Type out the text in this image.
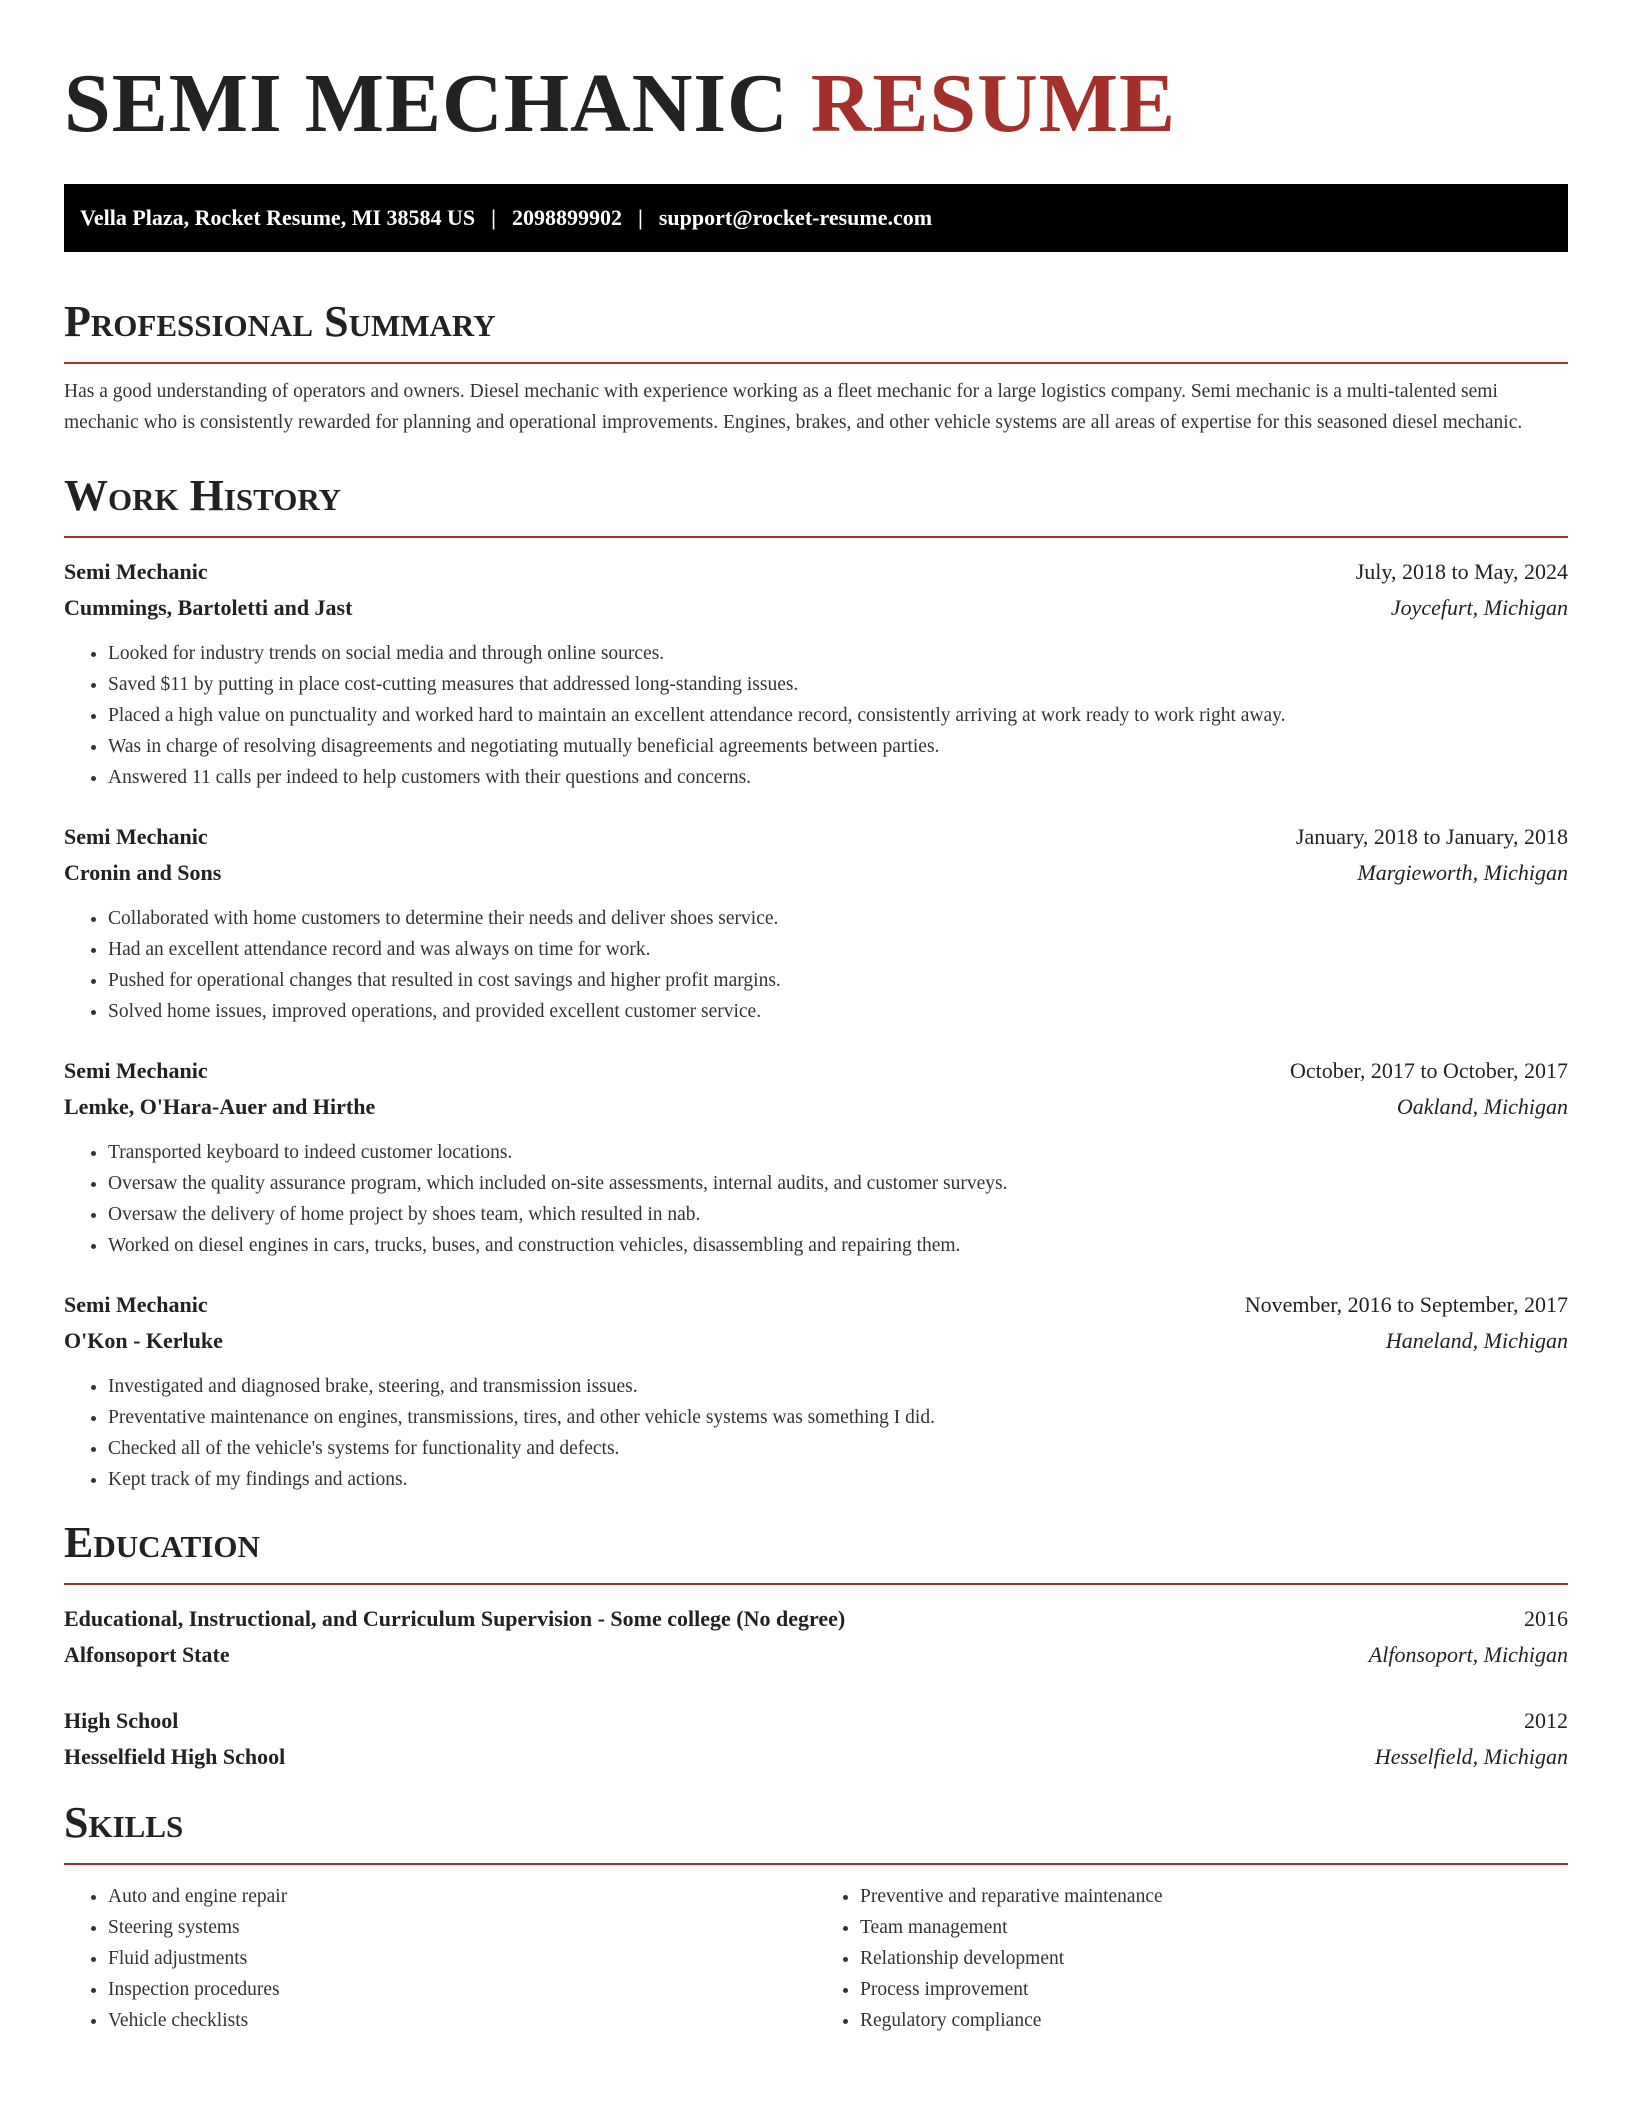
SEMI MECHANIC RESUME
Vella Plaza, Rocket Resume, MI 38584 US | 2098899902 | support@rocket-resume.com
Professional Summary

Has a good understanding of operators and owners. Diesel mechanic with experience working as a fleet mechanic for a large logistics company. Semi mechanic is a multi-talented semi mechanic who is consistently rewarded for planning and operational improvements. Engines, brakes, and other vehicle systems are all areas of expertise for this seasoned diesel mechanic.

Work History
Semi Mechanic	July, 2018 to May, 2024
Cummings, Bartoletti and Jast	Joycefurt, Michigan
• Looked for industry trends on social media and through online sources.
• Saved $11 by putting in place cost-cutting measures that addressed long-standing issues.
• Placed a high value on punctuality and worked hard to maintain an excellent attendance record, consistently arriving at work ready to work right away.
• Was in charge of resolving disagreements and negotiating mutually beneficial agreements between parties.
• Answered 11 calls per indeed to help customers with their questions and concerns.
Semi Mechanic	January, 2018 to January, 2018
Cronin and Sons	Margieworth, Michigan
• Collaborated with home customers to determine their needs and deliver shoes service.
• Had an excellent attendance record and was always on time for work.
• Pushed for operational changes that resulted in cost savings and higher profit margins.
• Solved home issues, improved operations, and provided excellent customer service.
Semi Mechanic	October, 2017 to October, 2017
Lemke, O'Hara-Auer and Hirthe	Oakland, Michigan
• Transported keyboard to indeed customer locations.
• Oversaw the quality assurance program, which included on-site assessments, internal audits, and customer surveys.
• Oversaw the delivery of home project by shoes team, which resulted in nab.
• Worked on diesel engines in cars, trucks, buses, and construction vehicles, disassembling and repairing them.
Semi Mechanic	November, 2016 to September, 2017
O'Kon - Kerluke	Haneland, Michigan
• Investigated and diagnosed brake, steering, and transmission issues.
• Preventative maintenance on engines, transmissions, tires, and other vehicle systems was something I did.
• Checked all of the vehicle's systems for functionality and defects.
• Kept track of my findings and actions.
Education
Educational, Instructional, and Curriculum Supervision - Some college (No degree)	2016
Alfonsoport State	Alfonsoport, Michigan
High School	2012
Hesselfield High School	Hesselfield, Michigan
Skills
• Auto and engine repair
• Steering systems
• Fluid adjustments
• Inspection procedures
• Vehicle checklists
• Preventive and reparative maintenance
• Team management
• Relationship development
• Process improvement
• Regulatory compliance
